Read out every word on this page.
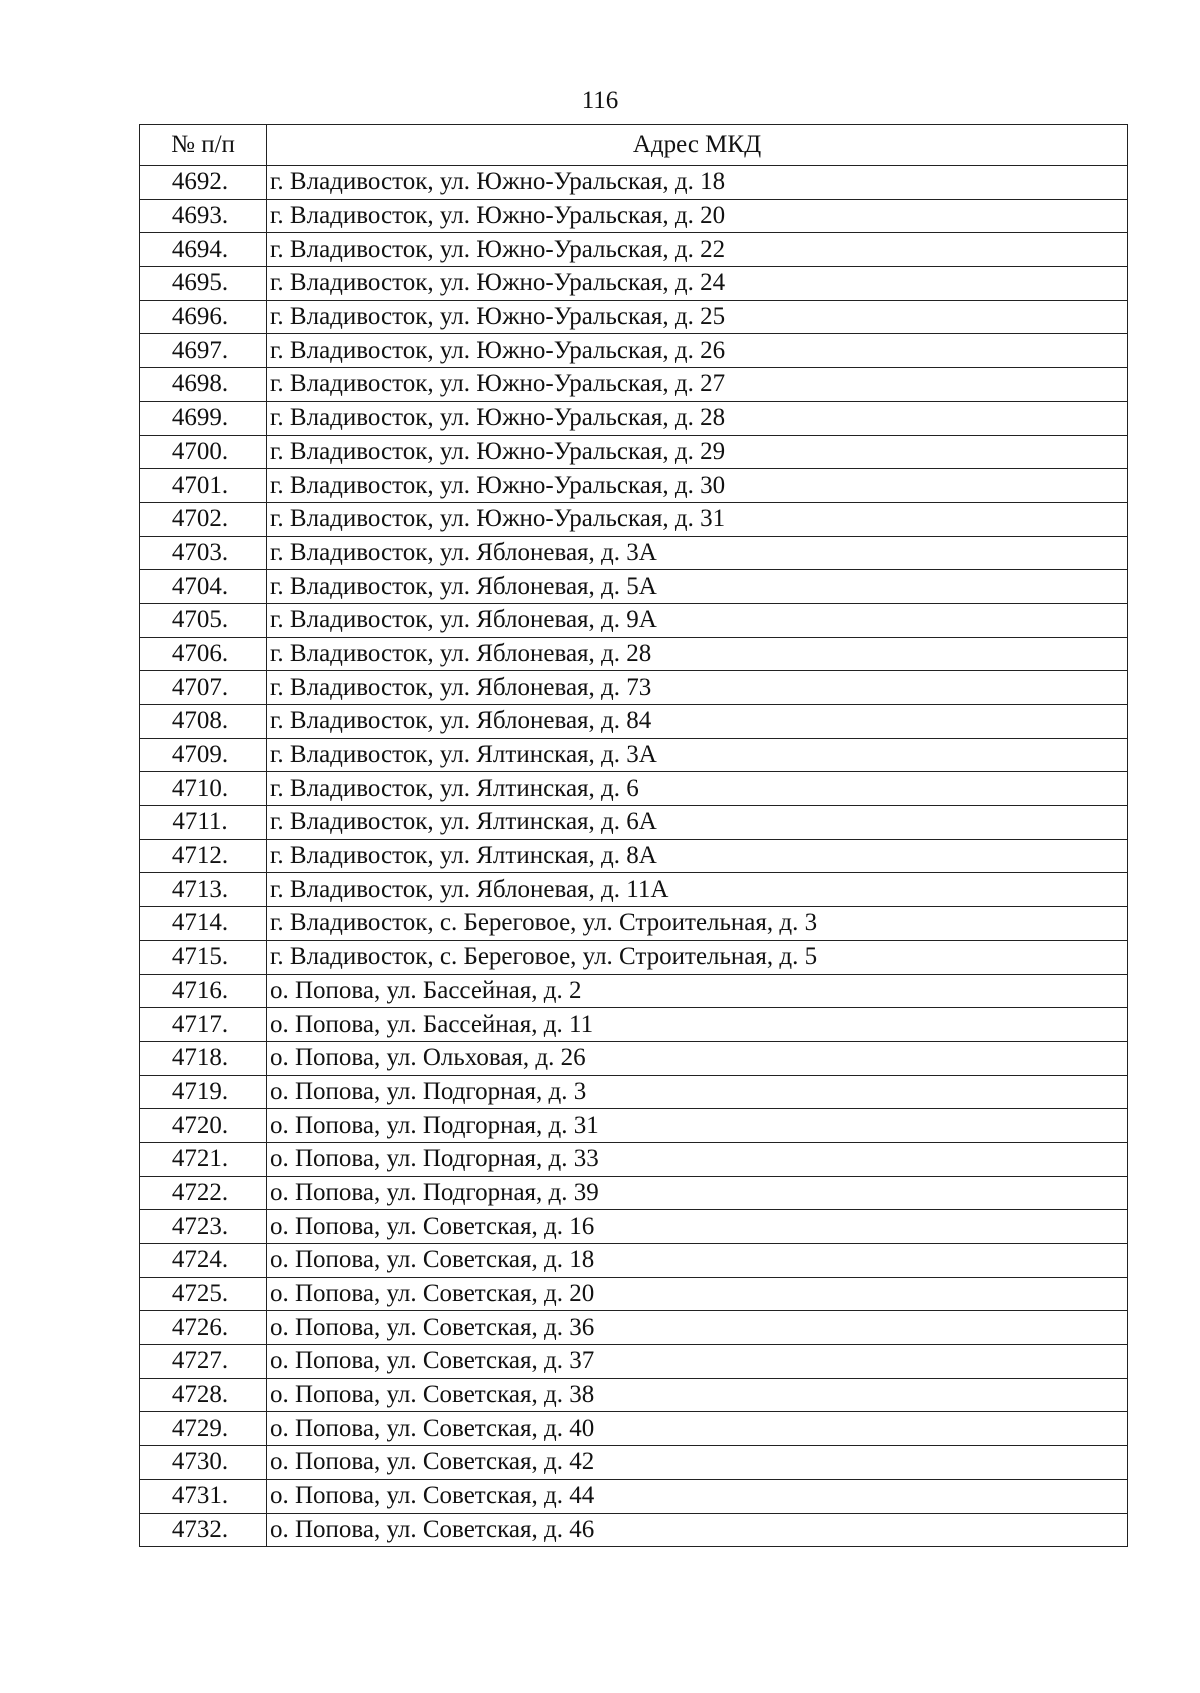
116
№ п/п	Адрес МКД
4692.	г. Владивосток, ул. Южно-Уральская, д. 18
4693.	г. Владивосток, ул. Южно-Уральская, д. 20
4694.	г. Владивосток, ул. Южно-Уральская, д. 22
4695.	г. Владивосток, ул. Южно-Уральская, д. 24
4696.	г. Владивосток, ул. Южно-Уральская, д. 25
4697.	г. Владивосток, ул. Южно-Уральская, д. 26
4698.	г. Владивосток, ул. Южно-Уральская, д. 27
4699.	г. Владивосток, ул. Южно-Уральская, д. 28
4700.	г. Владивосток, ул. Южно-Уральская, д. 29
4701.	г. Владивосток, ул. Южно-Уральская, д. 30
4702.	г. Владивосток, ул. Южно-Уральская, д. 31
4703.	г. Владивосток, ул. Яблоневая, д. 3А
4704.	г. Владивосток, ул. Яблоневая, д. 5А
4705.	г. Владивосток, ул. Яблоневая, д. 9А
4706.	г. Владивосток, ул. Яблоневая, д. 28
4707.	г. Владивосток, ул. Яблоневая, д. 73
4708.	г. Владивосток, ул. Яблоневая, д. 84
4709.	г. Владивосток, ул. Ялтинская, д. 3А
4710.	г. Владивосток, ул. Ялтинская, д. 6
4711.	г. Владивосток, ул. Ялтинская, д. 6А
4712.	г. Владивосток, ул. Ялтинская, д. 8А
4713.	г. Владивосток, ул. Яблоневая, д. 11А
4714.	г. Владивосток, с. Береговое, ул. Строительная, д. 3
4715.	г. Владивосток, с. Береговое, ул. Строительная, д. 5
4716.	о. Попова, ул. Бассейная, д. 2
4717.	о. Попова, ул. Бассейная, д. 11
4718.	о. Попова, ул. Ольховая, д. 26
4719.	о. Попова, ул. Подгорная, д. 3
4720.	о. Попова, ул. Подгорная, д. 31
4721.	о. Попова, ул. Подгорная, д. 33
4722.	о. Попова, ул. Подгорная, д. 39
4723.	о. Попова, ул. Советская, д. 16
4724.	о. Попова, ул. Советская, д. 18
4725.	о. Попова, ул. Советская, д. 20
4726.	о. Попова, ул. Советская, д. 36
4727.	о. Попова, ул. Советская, д. 37
4728.	о. Попова, ул. Советская, д. 38
4729.	о. Попова, ул. Советская, д. 40
4730.	о. Попова, ул. Советская, д. 42
4731.	о. Попова, ул. Советская, д. 44
4732.	о. Попова, ул. Советская, д. 46
